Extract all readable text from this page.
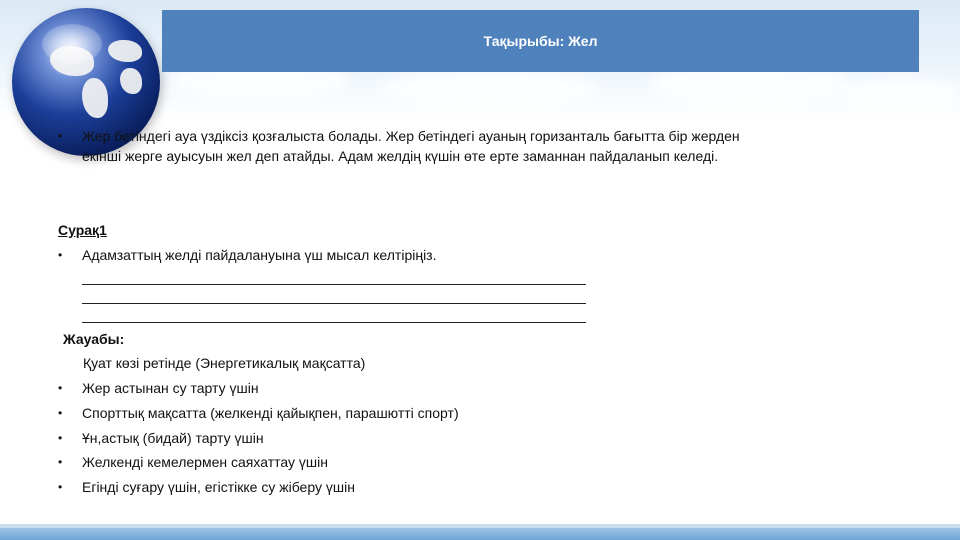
Тақырыбы: Жел
• Жер бетіндегі ауа үздіксіз қозғалыста болады. Жер бетіндегі ауаның горизанталь бағытта бір жерден
екінші жерге ауысуын жел деп атайды. Адам желдің күшін өте ерте заманнан пайдаланып келеді.
Сурақ1
• Адамзаттың желді пайдалануына үш мысал келтіріңіз.
Жауабы:
Қуат көзі ретінде (Энергетикалық мақсатта)
• Жер астынан су тарту үшін
• Спорттық мақсатта (желкенді қайықпен, парашютті спорт)
• Ұн,астық (бидай) тарту үшін
• Желкенді кемелермен саяхаттау үшін
• Егінді суғару үшін, егістікке су жіберу үшін
